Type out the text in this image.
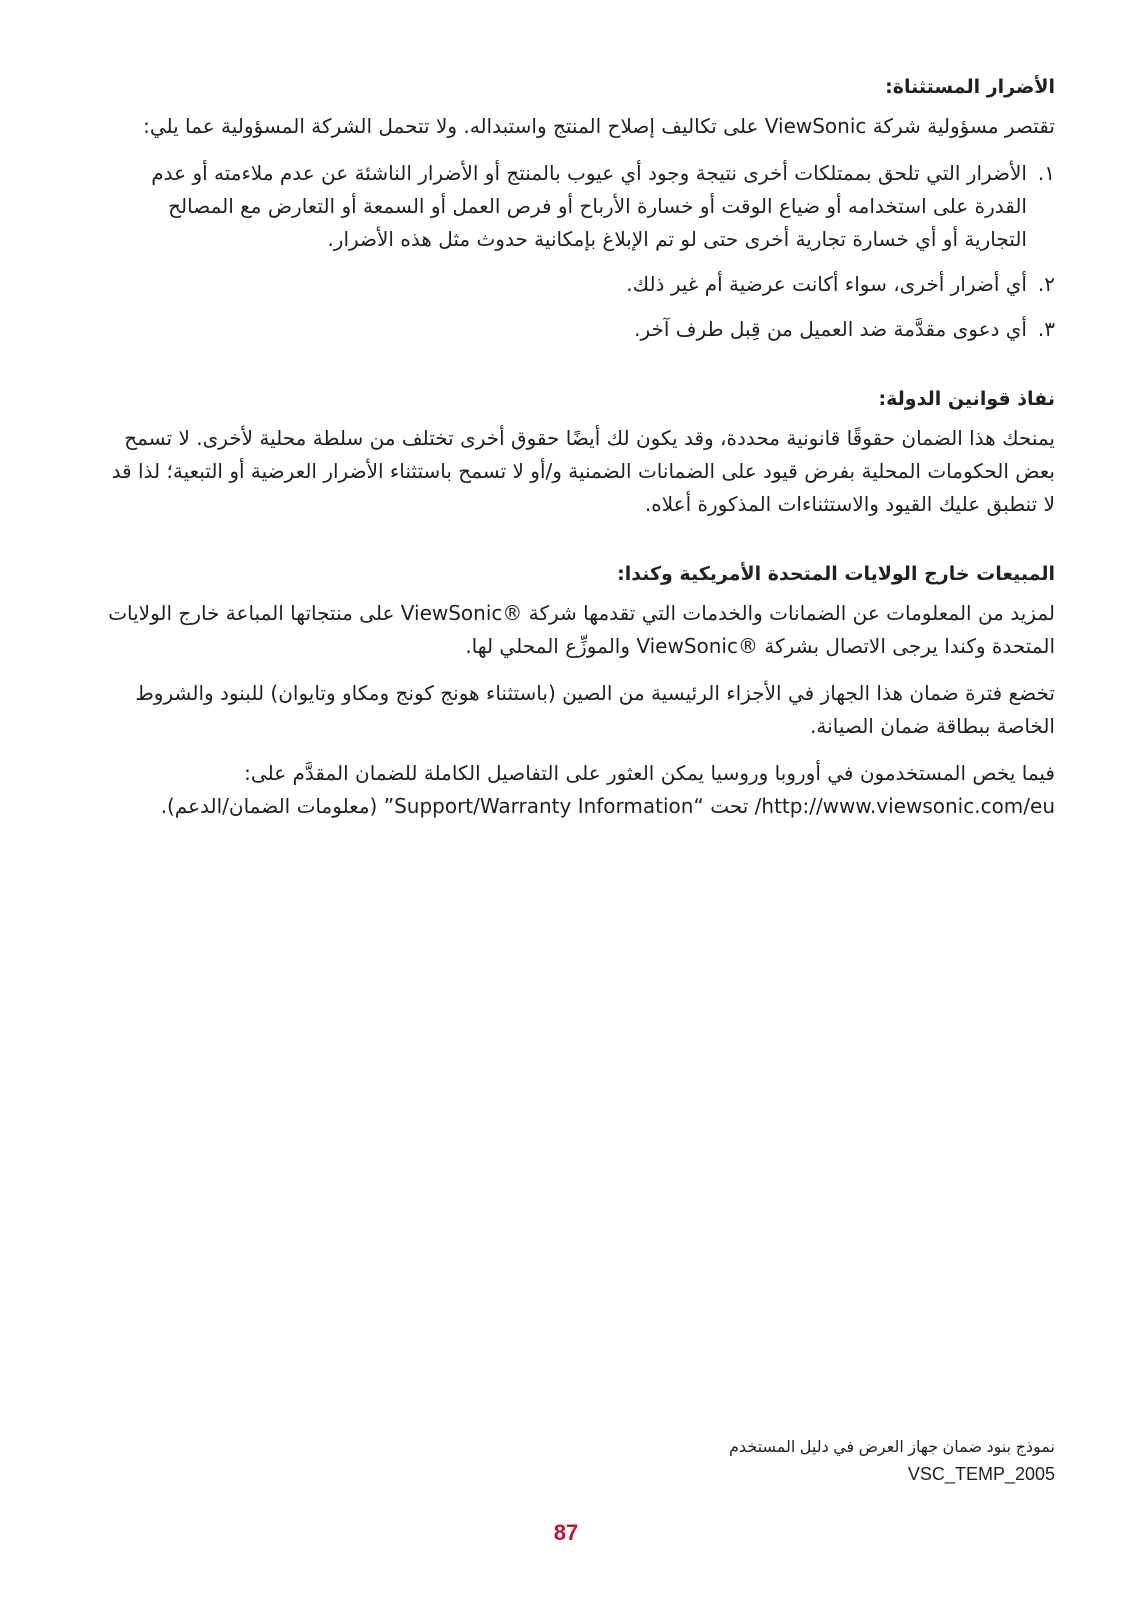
الأضرار المستثناة:
تقتصر مسؤولية شركة ViewSonic على تكاليف إصلاح المنتج واستبداله. ولا تتحمل الشركة المسؤولية عما يلي:
١.
الأضرار التي تلحق بممتلكات أخرى نتيجة وجود أي عيوب بالمنتج أو الأضرار الناشئة عن عدم ملاءمته أو عدم القدرة على استخدامه أو ضياع الوقت أو خسارة الأرباح أو فرص العمل أو السمعة أو التعارض مع المصالح التجارية أو أي خسارة تجارية أخرى حتى لو تم الإبلاغ بإمكانية حدوث مثل هذه الأضرار.
٢.
أي أضرار أخرى، سواء أكانت عرضية أم غير ذلك.
٣.
أي دعوى مقدَّمة ضد العميل من قِبل طرف آخر.
نفاذ قوانين الدولة:
يمنحك هذا الضمان حقوقًا قانونية محددة، وقد يكون لك أيضًا حقوق أخرى تختلف من سلطة محلية لأخرى. لا تسمح بعض الحكومات المحلية بفرض قيود على الضمانات الضمنية و/أو لا تسمح باستثناء الأضرار العرضية أو التبعية؛ لذا قد لا تنطبق عليك القيود والاستثناءات المذكورة أعلاه.
المبيعات خارج الولايات المتحدة الأمريكية وكندا:
لمزيد من المعلومات عن الضمانات والخدمات التي تقدمها شركة ®ViewSonic على منتجاتها المباعة خارج الولايات المتحدة وكندا يرجى الاتصال بشركة ®ViewSonic والموزِّع المحلي لها.
تخضع فترة ضمان هذا الجهاز في الأجزاء الرئيسية من الصين (باستثناء هونج كونج ومكاو وتايوان) للبنود والشروط الخاصة ببطاقة ضمان الصيانة.
فيما يخص المستخدمون في أوروبا وروسيا يمكن العثور على التفاصيل الكاملة للضمان المقدَّم على: http://www.viewsonic.com/eu/ تحت “Support/Warranty Information” (معلومات الضمان/الدعم).
نموذج بنود ضمان جهاز العرض في دليل المستخدم
VSC_TEMP_2005
87
